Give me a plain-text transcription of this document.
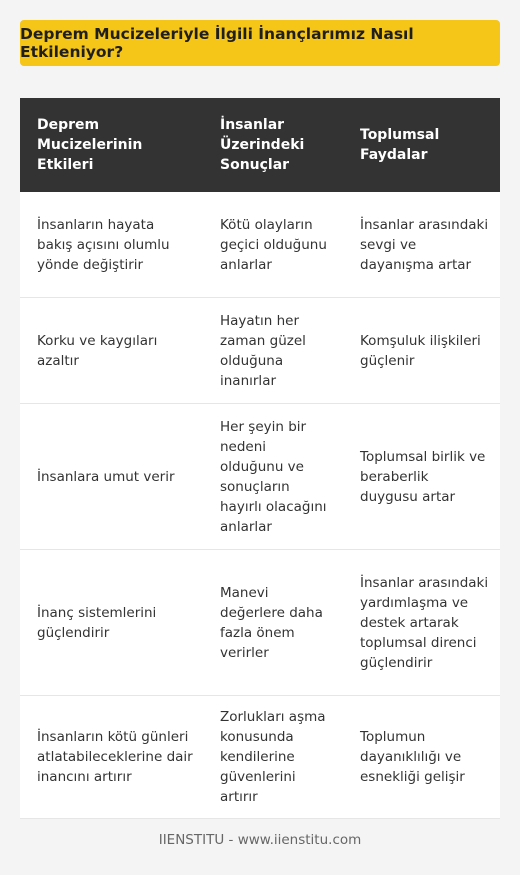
Deprem Mucizeleriyle İlgili İnançlarımız Nasıl Etkileniyor?
Deprem Mucizelerinin Etkileri
İnsanlar Üzerindeki Sonuçlar
Toplumsal Faydalar
İnsanların hayata bakış açısını olumlu yönde değiştirir
Kötü olayların geçici olduğunu anlarlar
İnsanlar arasındaki sevgi ve dayanışma artar
Korku ve kaygıları azaltır
Hayatın her zaman güzel olduğuna inanırlar
Komşuluk ilişkileri güçlenir
İnsanlara umut verir
Her şeyin bir nedeni olduğunu ve sonuçların hayırlı olacağını anlarlar
Toplumsal birlik ve beraberlik duygusu artar
İnanç sistemlerini güçlendirir
Manevi değerlere daha fazla önem verirler
İnsanlar arasındaki yardımlaşma ve destek artarak toplumsal direnci güçlendirir
İnsanların kötü günleri atlatabileceklerine dair inancını artırır
Zorlukları aşma konusunda kendilerine güvenlerini artırır
Toplumun dayanıklılığı ve esnekliği gelişir
IIENSTITU - www.iienstitu.com
